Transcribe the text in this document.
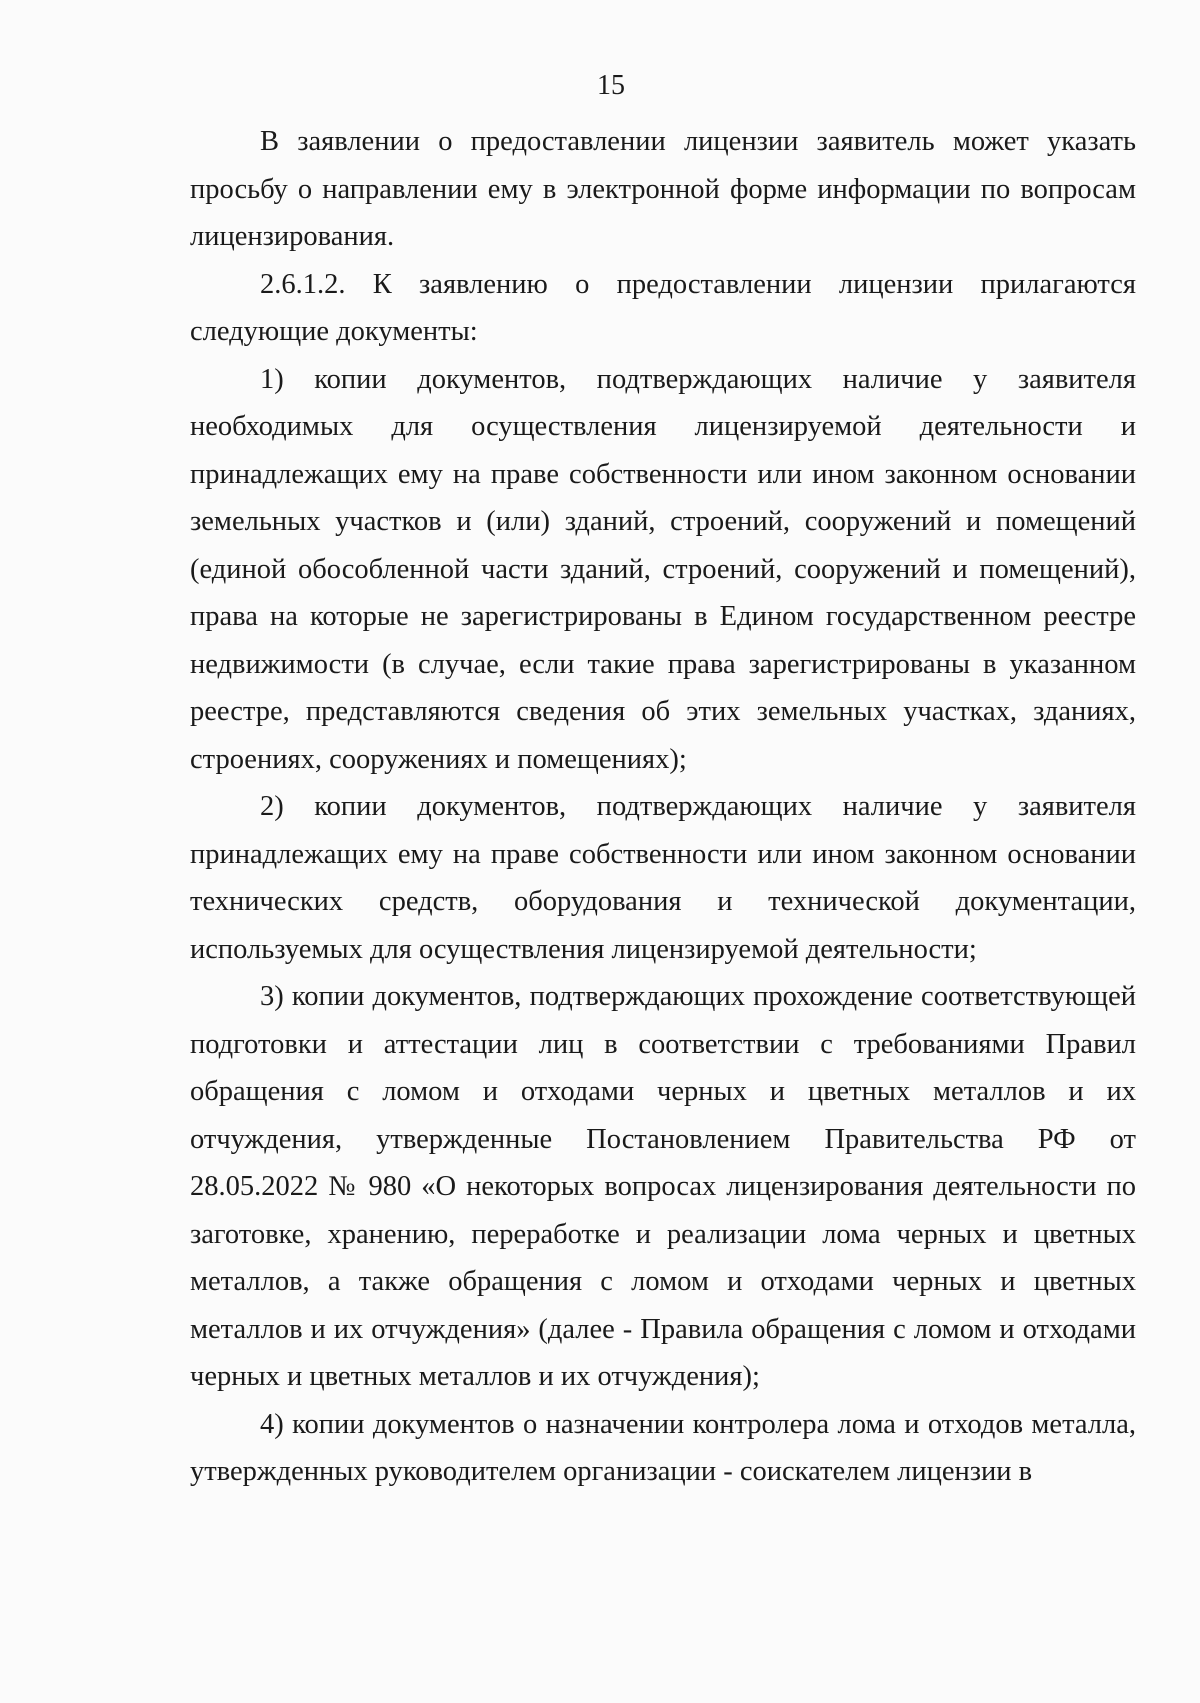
15

В заявлении о предоставлении лицензии заявитель может указать просьбу о направлении ему в электронной форме информации по вопросам лицензирования.

2.6.1.2. К заявлению о предоставлении лицензии прилагаются следующие документы:

1) копии документов, подтверждающих наличие у заявителя необходимых для осуществления лицензируемой деятельности и принадлежащих ему на праве собственности или ином законном основании земельных участков и (или) зданий, строений, сооружений и помещений (единой обособленной части зданий, строений, сооружений и помещений), права на которые не зарегистрированы в Едином государственном реестре недвижимости (в случае, если такие права зарегистрированы в указанном реестре, представляются сведения об этих земельных участках, зданиях, строениях, сооружениях и помещениях);

2) копии документов, подтверждающих наличие у заявителя принадлежащих ему на праве собственности или ином законном основании технических средств, оборудования и технической документации, используемых для осуществления лицензируемой деятельности;

3) копии документов, подтверждающих прохождение соответствующей подготовки и аттестации лиц в соответствии с требованиями Правил обращения с ломом и отходами черных и цветных металлов и их отчуждения, утвержденные Постановлением Правительства РФ от 28.05.2022 № 980 «О некоторых вопросах лицензирования деятельности по заготовке, хранению, переработке и реализации лома черных и цветных металлов, а также обращения с ломом и отходами черных и цветных металлов и их отчуждения» (далее - Правила обращения с ломом и отходами черных и цветных металлов и их отчуждения);

4) копии документов о назначении контролера лома и отходов металла, утвержденных руководителем организации - соискателем лицензии в
